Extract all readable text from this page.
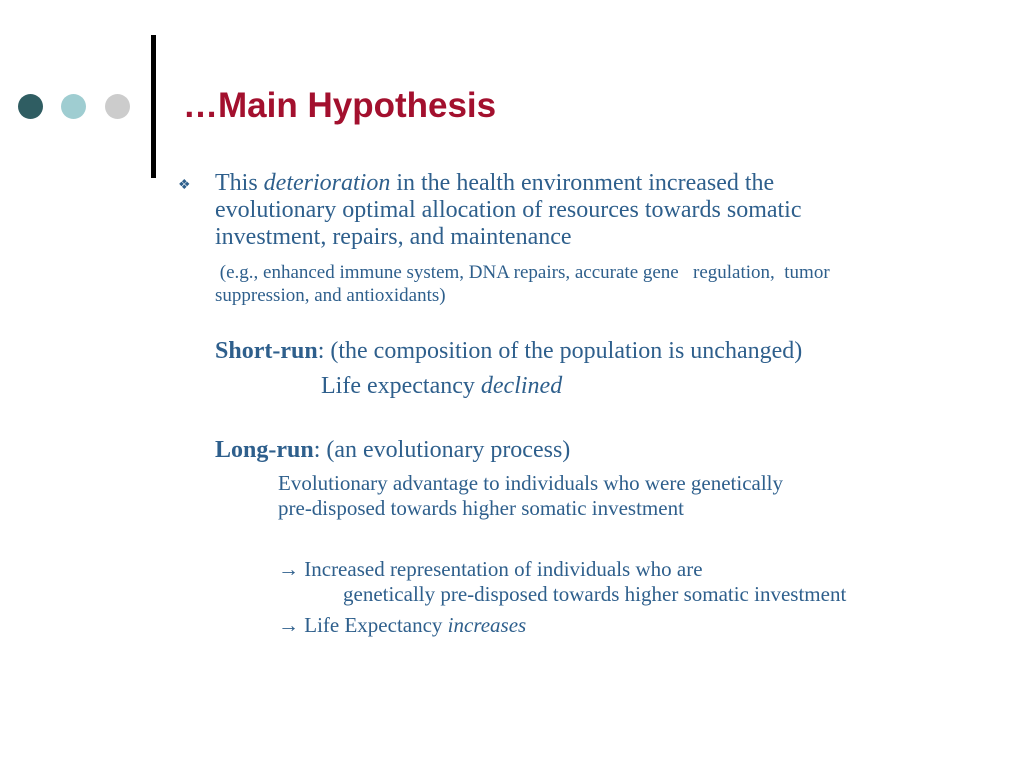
…Main Hypothesis
❖ This deterioration in the health environment increased the
evolutionary optimal allocation of resources towards somatic
investment, repairs, and maintenance
(e.g., enhanced immune system, DNA repairs, accurate gene   regulation,  tumor
suppression, and antioxidants)
Short-run: (the composition of the population is unchanged)
Life expectancy declined
Long-run: (an evolutionary process)
Evolutionary advantage to individuals who were genetically
pre-disposed towards higher somatic investment
→ Increased representation of individuals who are
genetically pre-disposed towards higher somatic investment
→ Life Expectancy increases
